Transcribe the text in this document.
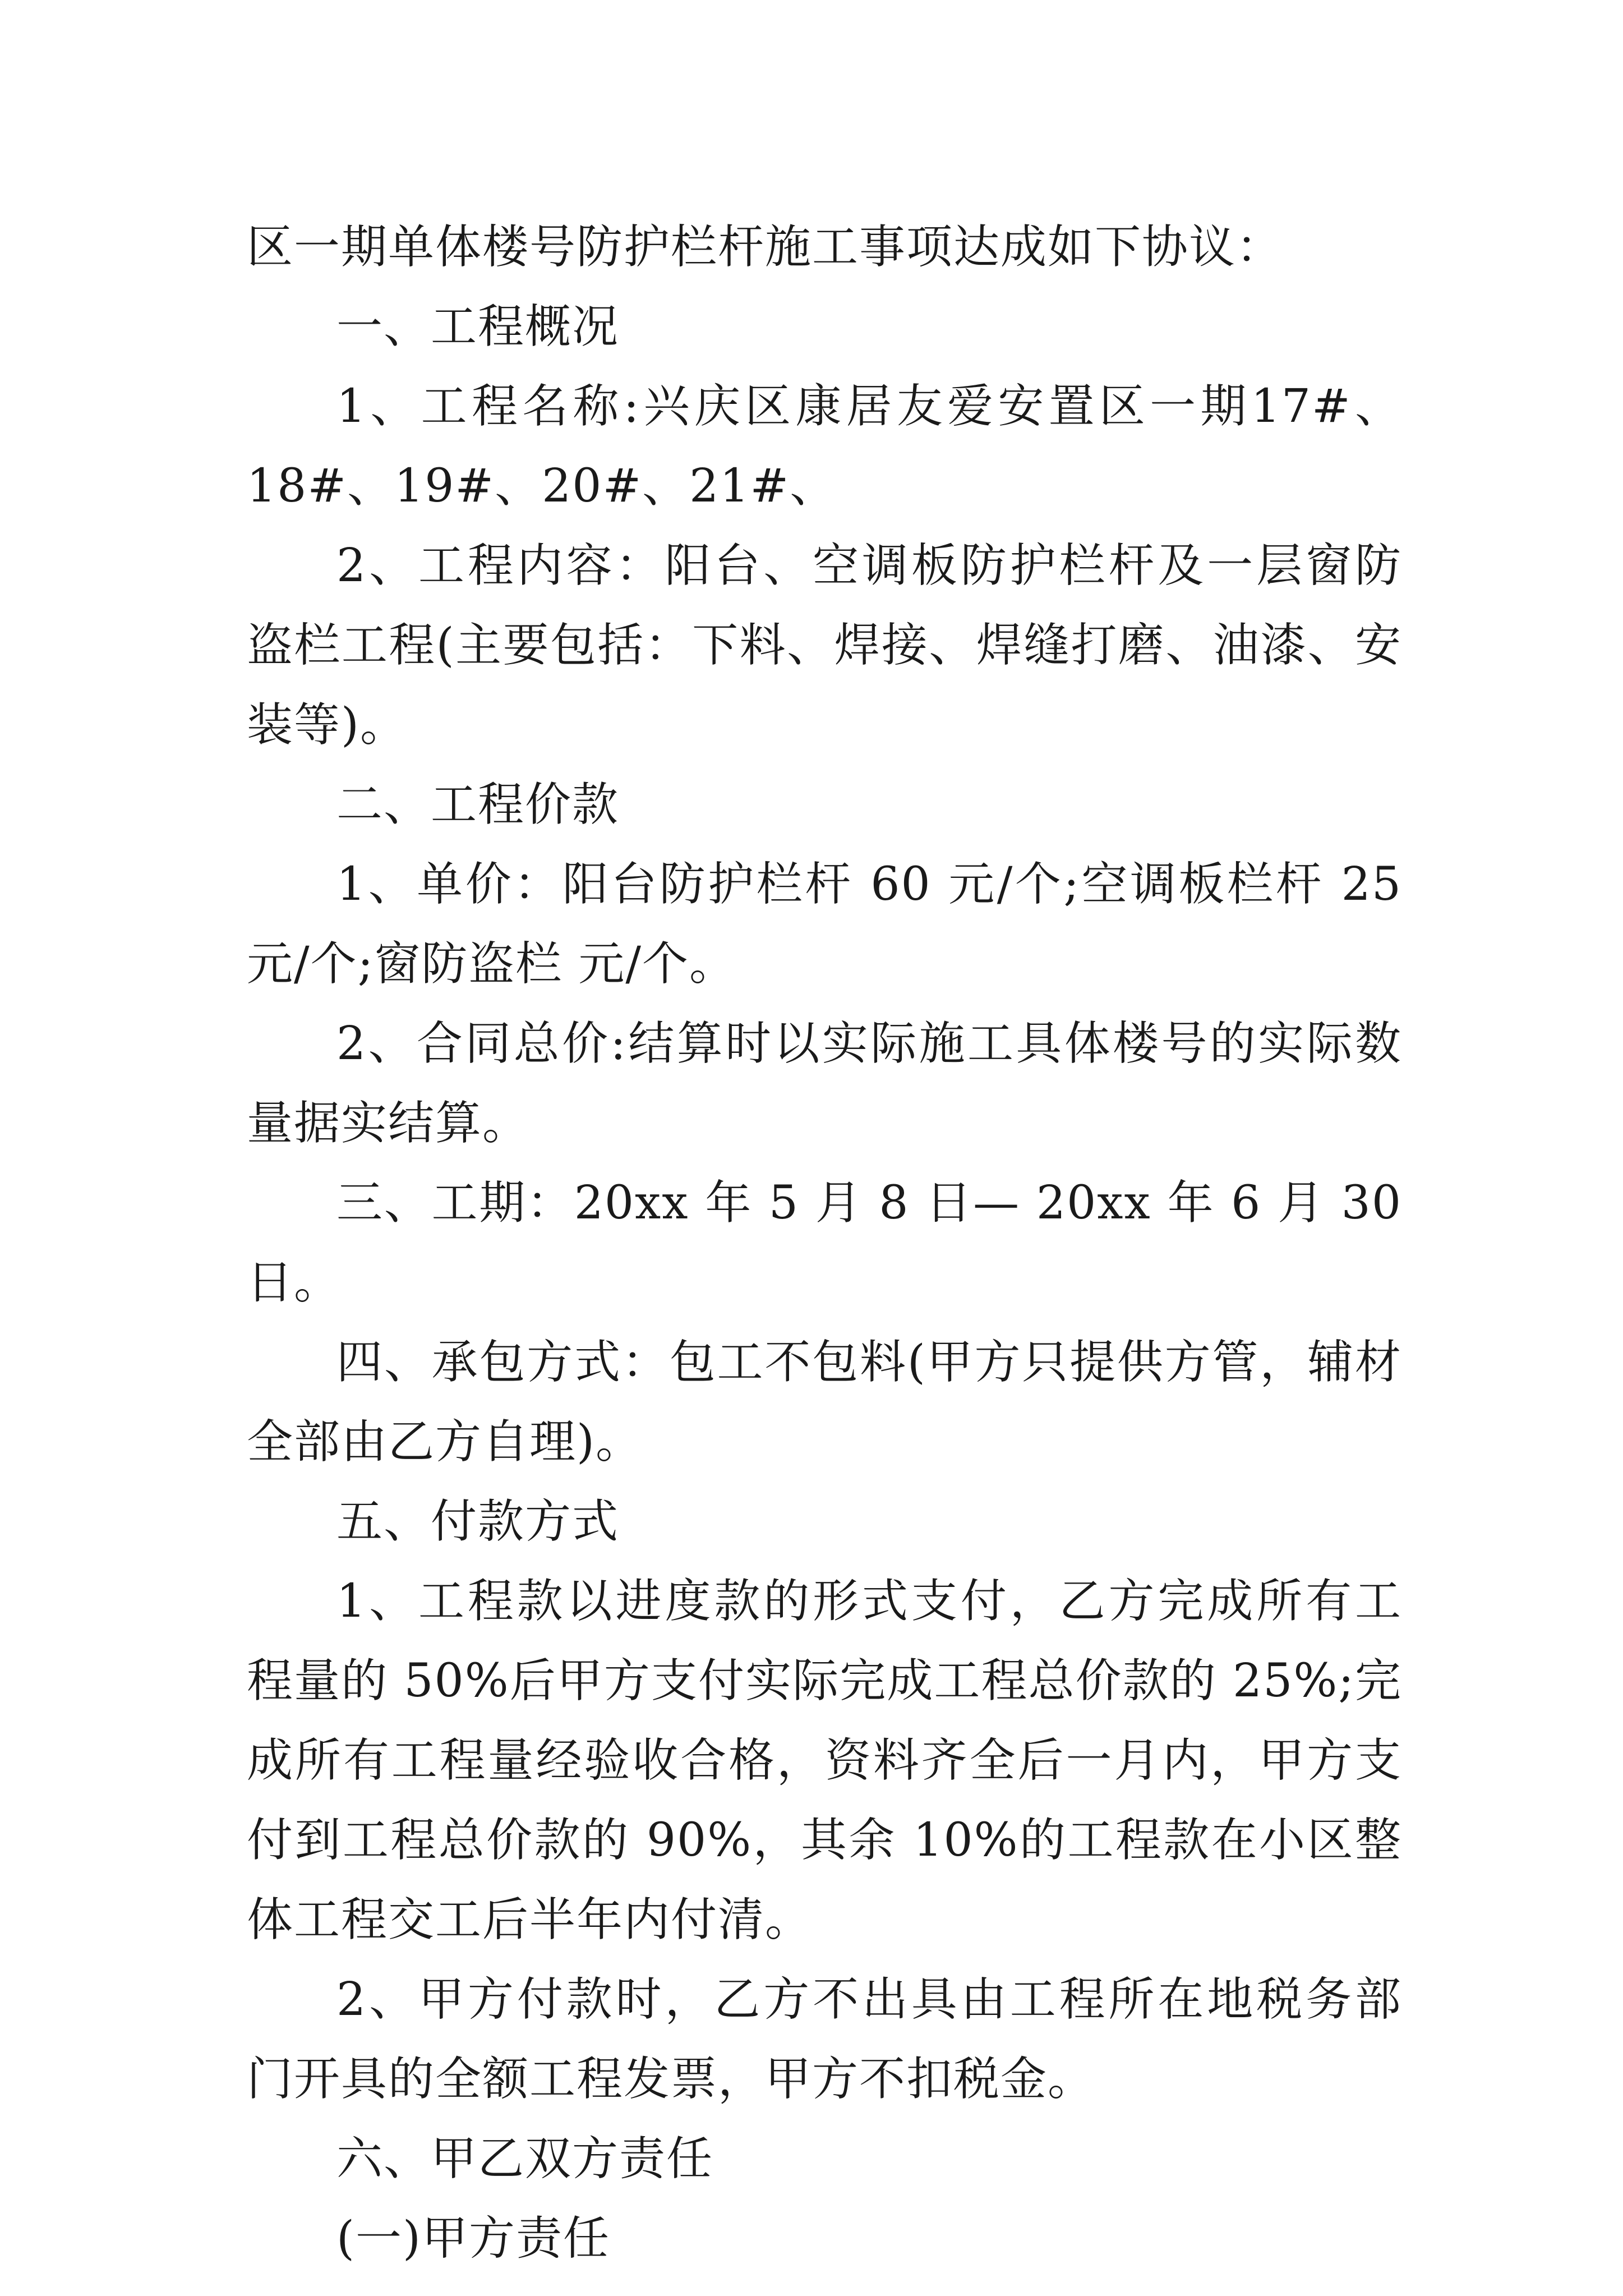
区一期单体楼号防护栏杆施工事项达成如下协议：

一、工程概况

1、工程名称:兴庆区康居友爱安置区一期17#、18#、19#、20#、21#、

2、工程内容：阳台、空调板防护栏杆及一层窗防盗栏工程(主要包括：下料、焊接、焊缝打磨、油漆、安装等)。

二、工程价款

1、单价：阳台防护栏杆 60 元/个;空调板栏杆 25 元/个;窗防盗栏 元/个。

2、合同总价:结算时以实际施工具体楼号的实际数量据实结算。

三、工期：20xx 年 5 月 8 日— 20xx 年 6 月 30 日。

四、承包方式：包工不包料(甲方只提供方管，辅材全部由乙方自理)。

五、付款方式

1、工程款以进度款的形式支付，乙方完成所有工程量的 50%后甲方支付实际完成工程总价款的 25%;完成所有工程量经验收合格，资料齐全后一月内，甲方支付到工程总价款的 90%，其余 10%的工程款在小区整体工程交工后半年内付清。

2、甲方付款时，乙方不出具由工程所在地税务部门开具的全额工程发票，甲方不扣税金。

六、甲乙双方责任

(一)甲方责任
